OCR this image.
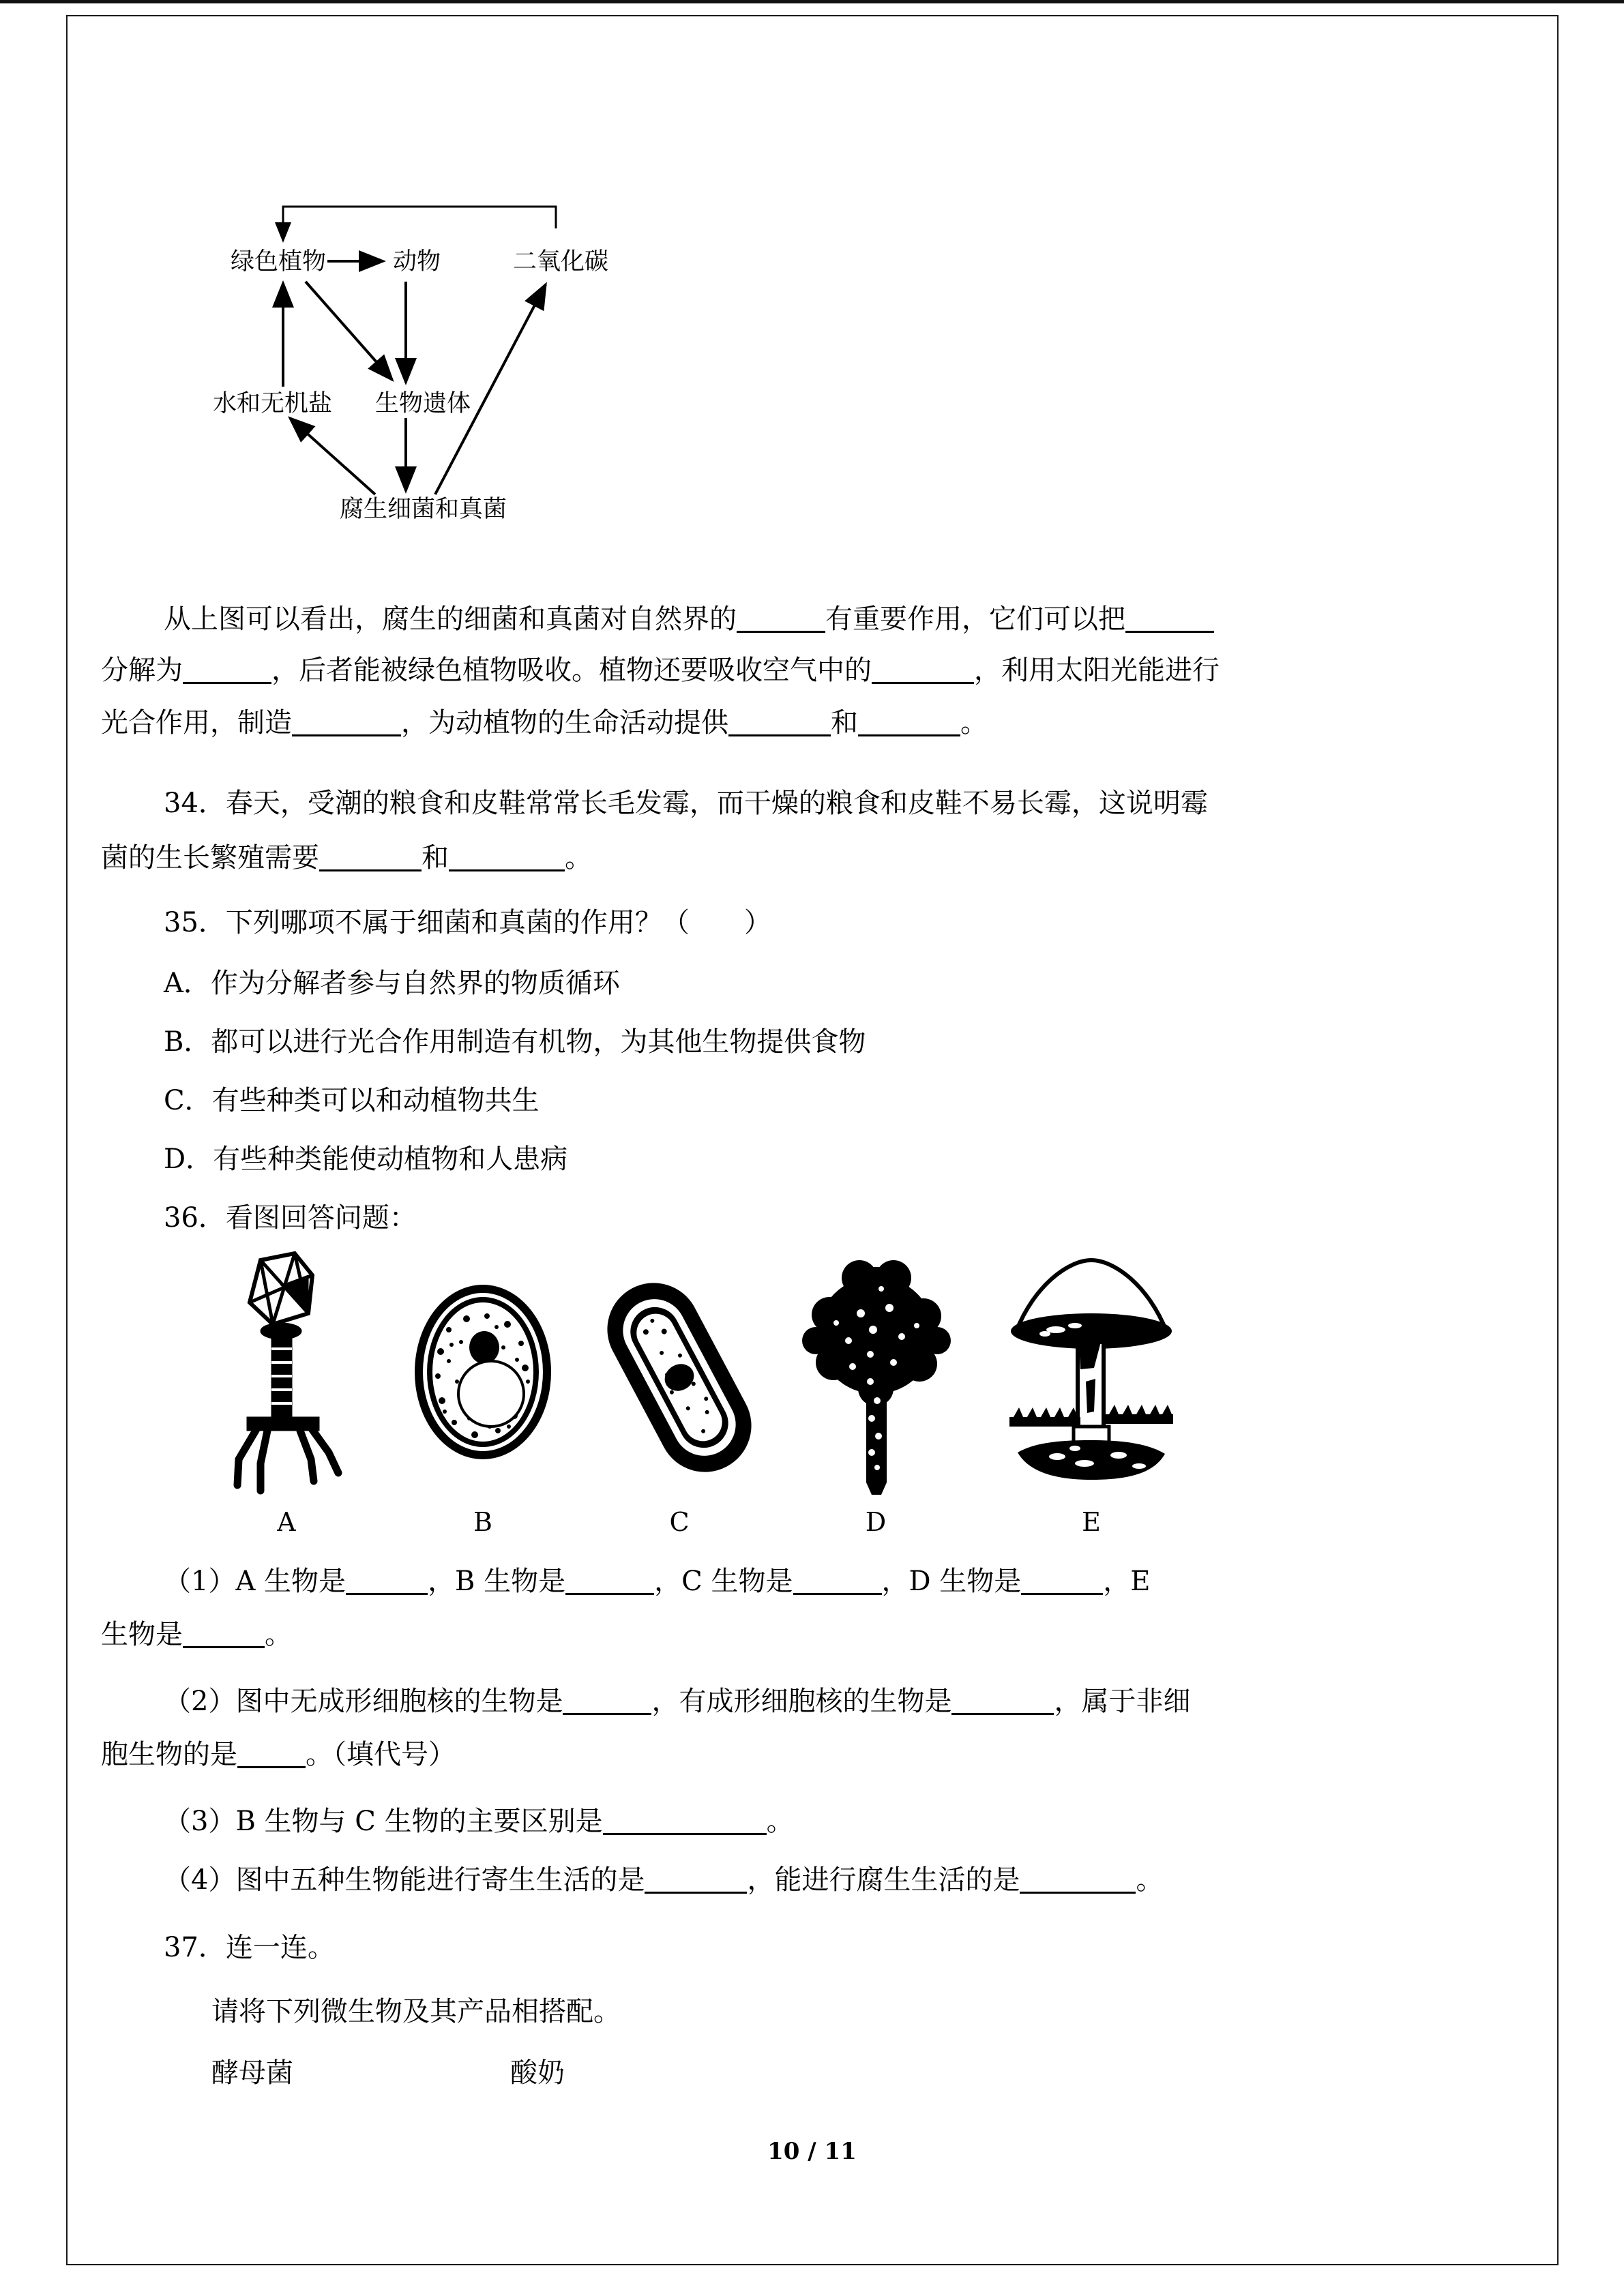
绿色植物	动物	二氧化碳
水和无机盐 生物遗体
腐生细菌和真菌
从上图可以看出，腐生的细菌和真菌对自然界的	有重要作用，它们可以把
分解为	，后者能被绿色植物吸收。植物还要吸收空气中的	，利用太阳光能进行
光合作用，制造	，为动植物的生命活动提供	和	。
34．春天，受潮的粮食和皮鞋常常长毛发霉，而干燥的粮食和皮鞋不易长霉，这说明霉
菌的生长繁殖需要	和	。
35．下列哪项不属于细菌和真菌的作用？（　　）
A．作为分解者参与自然界的物质循环
B．都可以进行光合作用制造有机物，为其他生物提供食物
C．有些种类可以和动植物共生
D．有些种类能使动植物和人患病
36．看图回答问题：
A	B	C	D	E
（1）A 生物是	，B 生物是	，C 生物是	，D 生物是	，E
生物是	。
（2）图中无成形细胞核的生物是	，有成形细胞核的生物是	，属于非细
胞生物的是	。（填代号）
（3）B 生物与 C 生物的主要区别是	。
（4）图中五种生物能进行寄生生活的是	，能进行腐生生活的是	。
37．连一连。
请将下列微生物及其产品相搭配。
酵母菌	酸奶
10 / 11
